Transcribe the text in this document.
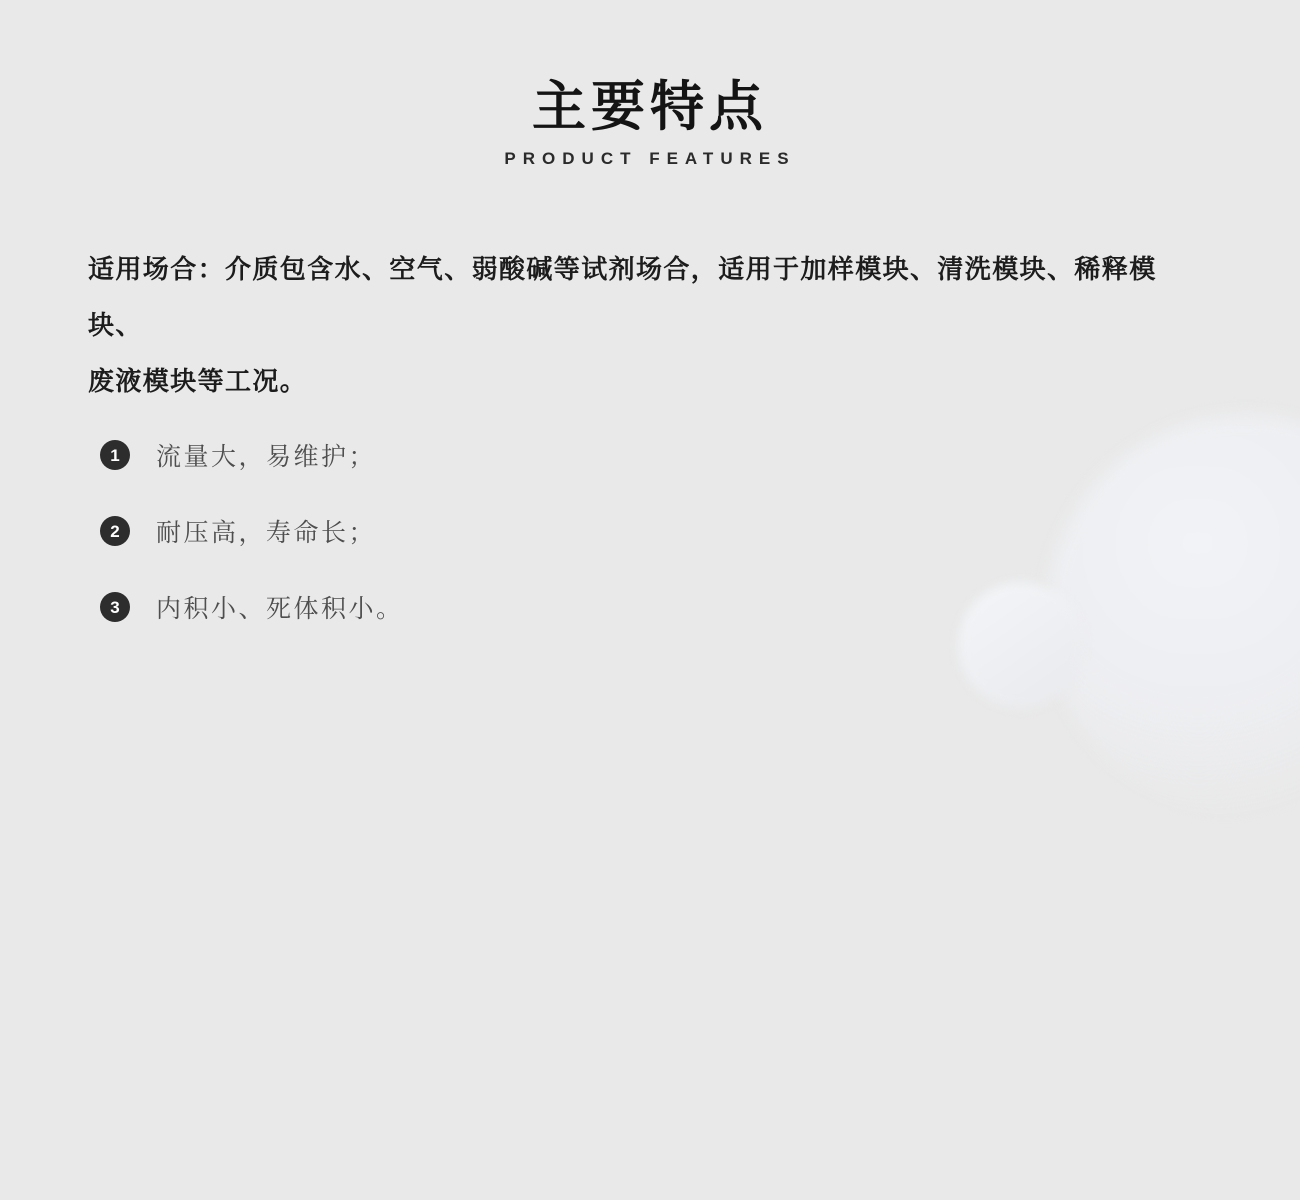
主要特点
PRODUCT FEATURES

适用场合：介质包含水、空气、弱酸碱等试剂场合，适用于加样模块、清洗模块、稀释模块、
废液模块等工况。

1	流量大，易维护；
2	耐压高，寿命长；
3	内积小、死体积小。
